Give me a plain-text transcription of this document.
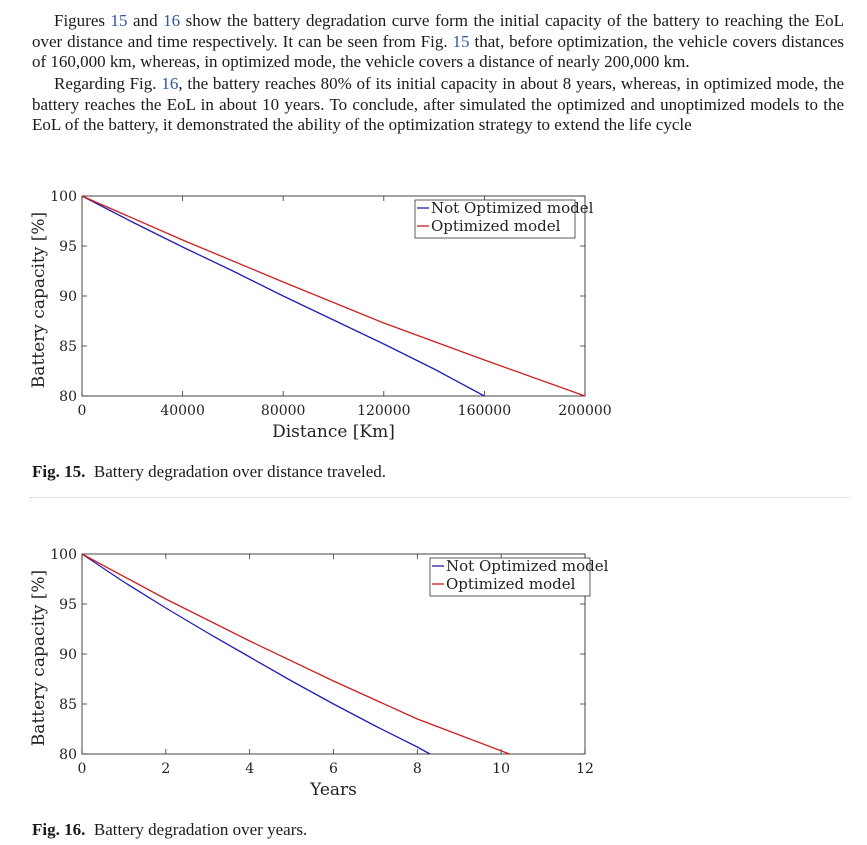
Figures 15 and 16 show the battery degradation curve form the initial capacity of the battery to reaching the EoL over distance and time respectively. It can be seen from Fig. 15 that, before optimization, the vehicle covers distances of 160,000 km, whereas, in optimized mode, the vehicle covers a distance of nearly 200,000 km.

Regarding Fig. 16, the battery reaches 80% of its initial capacity in about 8 years, whereas, in optimized mode, the battery reaches the EoL in about 10 years. To conclude, after simulated the optimized and unoptimized models to the EoL of the battery, it demonstrated the ability of the optimization strategy to extend the life cycle

0	40000	80000	120000	160000	200000
80
85
90
95
100
Distance [Km]
Battery capacity [%]
Not Optimized model
Optimized model

Fig. 15. Battery degradation over distance traveled.

0	2	4	6	8	10	12
80
85
90
95
100
Years
Battery capacity [%]
Not Optimized model
Optimized model

Fig. 16. Battery degradation over years.
